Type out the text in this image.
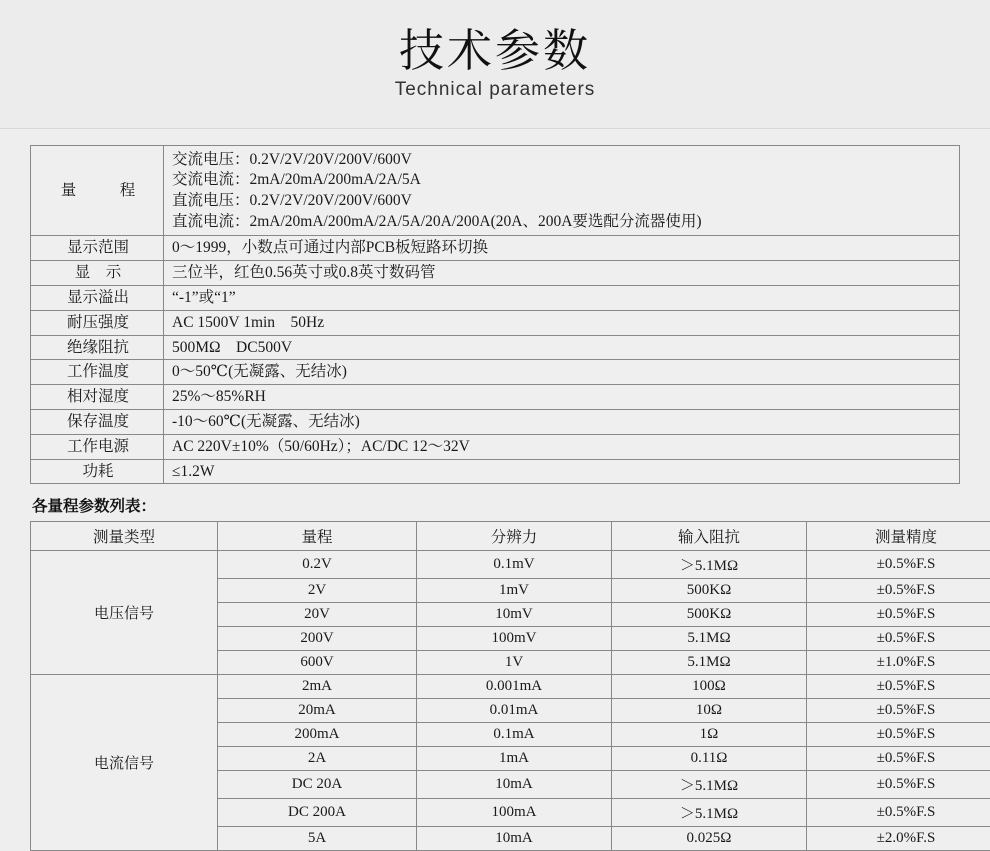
技术参数
Technical parameters
量　程	交流电压：0.2V/2V/20V/200V/600V
交流电流：2mA/20mA/200mA/2A/5A
直流电压：0.2V/2V/20V/200V/600V
直流电流：2mA/20mA/200mA/2A/5A/20A/200A(20A、200A要选配分流器使用)

显示范围	0～1999，小数点可通过内部PCB板短路环切换
显　示	三位半，红色0.56英寸或0.8英寸数码管
显示溢出	“-1”或“1”
耐压强度	AC 1500V 1min　50Hz
绝缘阻抗	500MΩ　DC500V
工作温度	0～50℃(无凝露、无结冰)
相对湿度	25%～85%RH
保存温度	-10～60℃(无凝露、无结冰)
工作电源	AC 220V±10%（50/60Hz）；AC/DC 12～32V
功耗	≤1.2W
各量程参数列表：
测量类型	量程	分辨力	输入阻抗	测量精度
电压信号	0.2V	0.1mV	＞5.1MΩ	±0.5%F.S
	2V	1mV	500KΩ	±0.5%F.S
	20V	10mV	500KΩ	±0.5%F.S
	200V	100mV	5.1MΩ	±0.5%F.S
	600V	1V	5.1MΩ	±1.0%F.S
电流信号	2mA	0.001mA	100Ω	±0.5%F.S
	20mA	0.01mA	10Ω	±0.5%F.S
	200mA	0.1mA	1Ω	±0.5%F.S
	2A	1mA	0.11Ω	±0.5%F.S
	DC 20A	10mA	＞5.1MΩ	±0.5%F.S
	DC 200A	100mA	＞5.1MΩ	±0.5%F.S
	5A	10mA	0.025Ω	±2.0%F.S
